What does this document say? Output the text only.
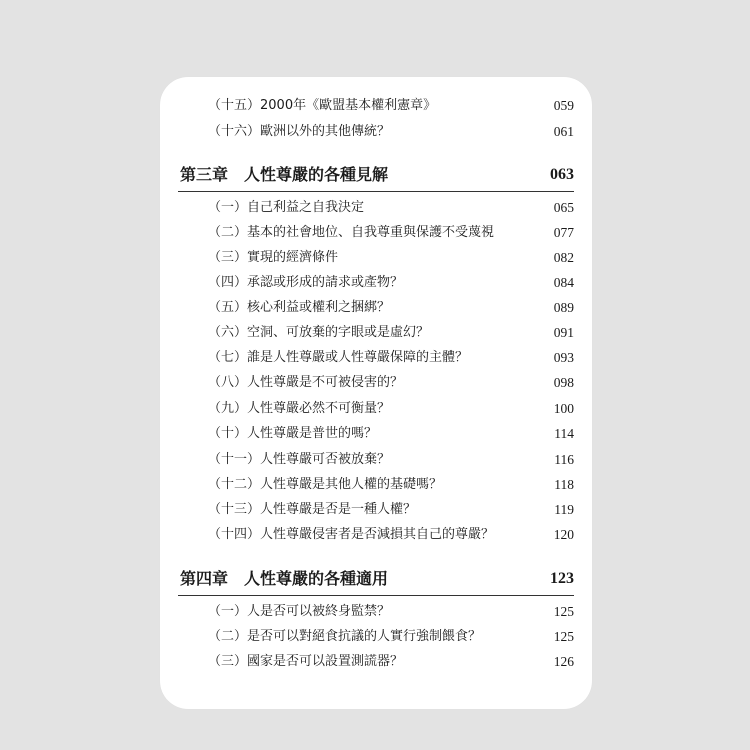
（十五）2000年《歐盟基本權利憲章》	059
（十六）歐洲以外的其他傳統？	061
第三章　人性尊嚴的各種見解	063
（一）自己利益之自我決定	065
（二）基本的社會地位、自我尊重與保護不受蔑視	077
（三）實現的經濟條件	082
（四）承認或形成的請求或產物？	084
（五）核心利益或權利之捆綁？	089
（六）空洞、可放棄的字眼或是虛幻？	091
（七）誰是人性尊嚴或人性尊嚴保障的主體？	093
（八）人性尊嚴是不可被侵害的？	098
（九）人性尊嚴必然不可衡量？	100
（十）人性尊嚴是普世的嗎？	114
（十一）人性尊嚴可否被放棄？	116
（十二）人性尊嚴是其他人權的基礎嗎？	118
（十三）人性尊嚴是否是一種人權？	119
（十四）人性尊嚴侵害者是否減損其自己的尊嚴？	120
第四章　人性尊嚴的各種適用	123
（一）人是否可以被終身監禁？	125
（二）是否可以對絕食抗議的人實行強制餵食？	125
（三）國家是否可以設置測謊器？	126
